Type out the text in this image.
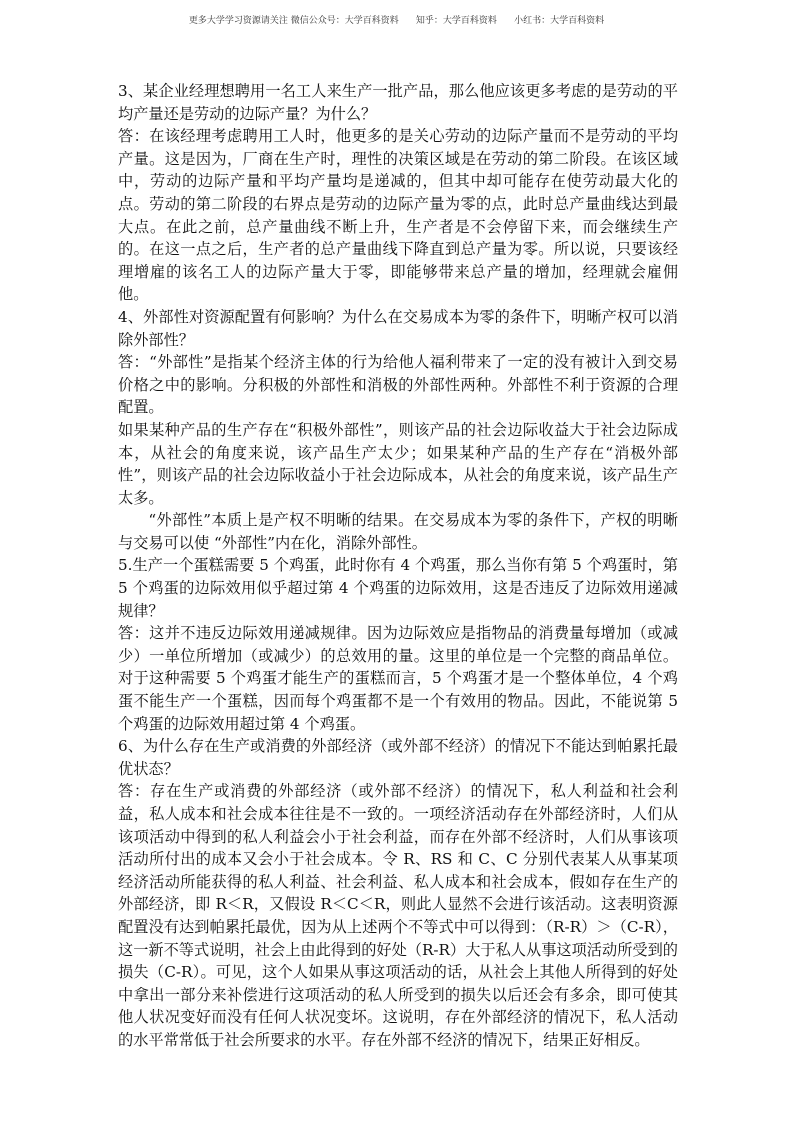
更多大学学习资源请关注 微信公众号：大学百科资料      知乎：大学百科资料      小红书：大学百科资料

3、某企业经理想聘用一名工人来生产一批产品，那么他应该更多考虑的是劳动的平均产量还是劳动的边际产量？为什么？

答：在该经理考虑聘用工人时，他更多的是关心劳动的边际产量而不是劳动的平均产量。这是因为，厂商在生产时，理性的决策区域是在劳动的第二阶段。在该区域中，劳动的边际产量和平均产量均是递减的，但其中却可能存在使劳动最大化的点。劳动的第二阶段的右界点是劳动的边际产量为零的点，此时总产量曲线达到最大点。在此之前，总产量曲线不断上升，生产者是不会停留下来，而会继续生产的。在这一点之后，生产者的总产量曲线下降直到总产量为零。所以说，只要该经理增雇的该名工人的边际产量大于零，即能够带来总产量的增加，经理就会雇佣他。

4、外部性对资源配置有何影响？为什么在交易成本为零的条件下，明晰产权可以消除外部性？

答：“外部性”是指某个经济主体的行为给他人福利带来了一定的没有被计入到交易价格之中的影响。分积极的外部性和消极的外部性两种。外部性不利于资源的合理配置。

如果某种产品的生产存在“积极外部性”，则该产品的社会边际收益大于社会边际成本，从社会的角度来说，该产品生产太少；如果某种产品的生产存在“消极外部性”，则该产品的社会边际收益小于社会边际成本，从社会的角度来说，该产品生产太多。

“外部性”本质上是产权不明晰的结果。在交易成本为零的条件下，产权的明晰与交易可以使 “外部性”内在化，消除外部性。

5.生产一个蛋糕需要 5 个鸡蛋，此时你有 4 个鸡蛋，那么当你有第 5 个鸡蛋时，第 5 个鸡蛋的边际效用似乎超过第 4 个鸡蛋的边际效用，这是否违反了边际效用递减规律？

答：这并不违反边际效用递减规律。因为边际效应是指物品的消费量每增加（或减少）一单位所增加（或减少）的总效用的量。这里的单位是一个完整的商品单位。对于这种需要 5 个鸡蛋才能生产的蛋糕而言，5 个鸡蛋才是一个整体单位，4 个鸡蛋不能生产一个蛋糕，因而每个鸡蛋都不是一个有效用的物品。因此，不能说第 5 个鸡蛋的边际效用超过第 4 个鸡蛋。

6、为什么存在生产或消费的外部经济（或外部不经济）的情况下不能达到帕累托最优状态？

答：存在生产或消费的外部经济（或外部不经济）的情况下，私人利益和社会利益，私人成本和社会成本往往是不一致的。一项经济活动存在外部经济时，人们从该项活动中得到的私人利益会小于社会利益，而存在外部不经济时，人们从事该项活动所付出的成本又会小于社会成本。令 R、RS 和 C、C 分别代表某人从事某项经济活动所能获得的私人利益、社会利益、私人成本和社会成本，假如存在生产的外部经济，即 R＜R，又假设 R＜C＜R，则此人显然不会进行该活动。这表明资源配置没有达到帕累托最优，因为从上述两个不等式中可以得到：（R-R）＞（C-R），这一新不等式说明，社会上由此得到的好处（R-R）大于私人从事这项活动所受到的损失（C-R）。可见，这个人如果从事这项活动的话，从社会上其他人所得到的好处中拿出一部分来补偿进行这项活动的私人所受到的损失以后还会有多余，即可使其他人状况变好而没有任何人状况变坏。这说明，存在外部经济的情况下，私人活动的水平常常低于社会所要求的水平。存在外部不经济的情况下，结果正好相反。
